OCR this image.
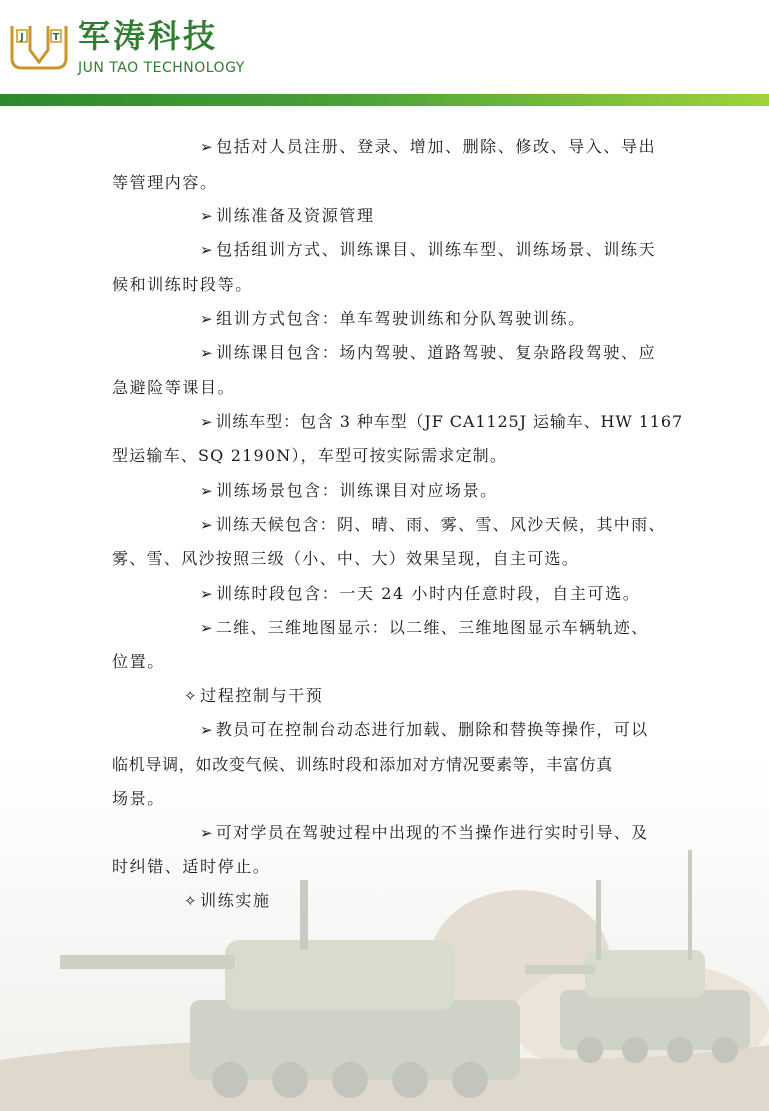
J	T 军涛科技
JUN TAO TECHNOLOGY
➢ 包括对人员注册、登录、增加、删除、修改、导入、导出
等管理内容。
➢ 训练准备及资源管理
➢ 包括组训方式、训练课目、训练车型、训练场景、训练天
候和训练时段等。
➢ 组训方式包含：单车驾驶训练和分队驾驶训练。
➢ 训练课目包含：场内驾驶、道路驾驶、复杂路段驾驶、应
急避险等课目。
➢ 训练车型：包含 3 种车型（JF CA1125J 运输车、HW 1167
型运输车、SQ 2190N），车型可按实际需求定制。
➢ 训练场景包含：训练课目对应场景。
➢ 训练天候包含：阴、晴、雨、雾、雪、风沙天候，其中雨、
雾、雪、风沙按照三级（小、中、大）效果呈现，自主可选。
➢ 训练时段包含：一天 24 小时内任意时段，自主可选。
➢ 二维、三维地图显示：以二维、三维地图显示车辆轨迹、
位置。
✧ 过程控制与干预
➢ 教员可在控制台动态进行加载、删除和替换等操作，可以
临机导调，如改变气候、训练时段和添加对方情况要素等，丰富仿真
场景。
➢ 可对学员在驾驶过程中出现的不当操作进行实时引导、及
时纠错、适时停止。
✧ 训练实施
